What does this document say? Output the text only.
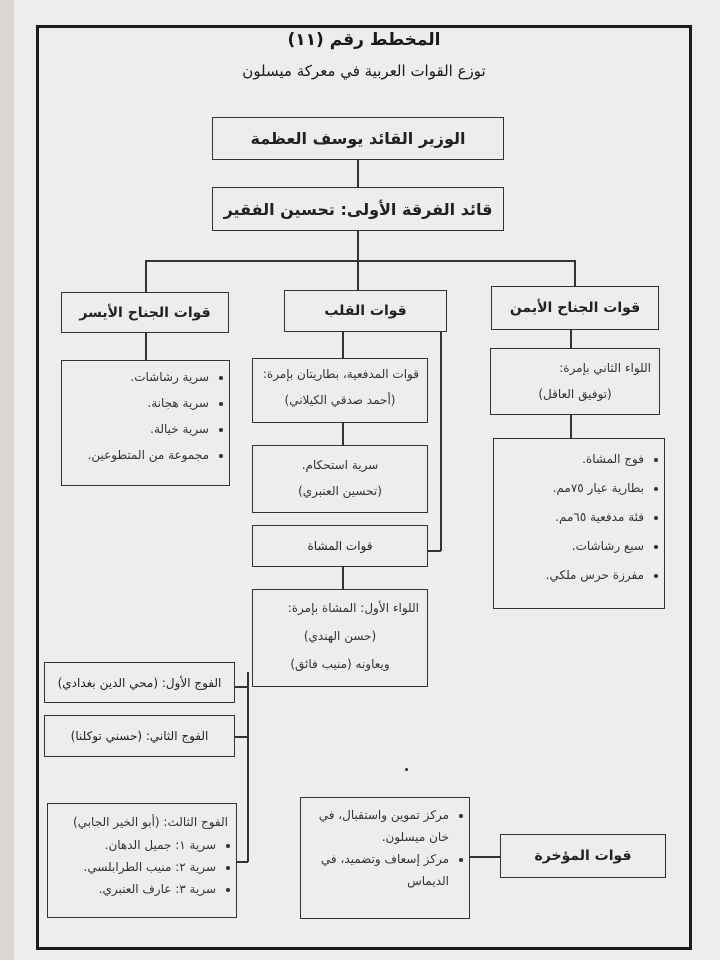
المخطط رقم (١١)
توزع القوات العربية في معركة ميسلون
الوزير القائد يوسف العظمة
قائد الفرقة الأولى: تحسين الفقير
قوات الجناح الأيسر
• سرية رشاشات.
• سرية هجانة.
• سرية خيالة.
• مجموعة من المتطوعين.
قوات القلب
قوات المدفعية، بطاريتان بإمرة:
(أحمد صدقي الكيلاني)
سرية استحكام.
(تحسين العنبري)
قوات المشاة
اللواء الأول: المشاة بإمرة:
(حسن الهندي)
ويعاونه (منيب فائق)
الفوج الأول: (محي الدين بغدادي)
الفوج الثاني: (حسني توكلنا)
الفوج الثالث: (أبو الخير الجابي)
• سرية ١: جميل الدهان.
• سرية ٢: منيب الطرابلسي.
• سرية ٣: عارف العنبري.
قوات الجناح الأيمن
اللواء الثاني بإمرة:
(توفيق العاقل)
• فوج المشاة.
• بطارية عيار ٧٥مم.
• فئة مدفعية ٦٥مم.
• سبع رشاشات.
• مفرزة حرس ملكي.
• مركز تموين واستقبال، في خان ميسلون.
• مركز إسعاف وتضميد، في الديماس
قوات المؤخرة
